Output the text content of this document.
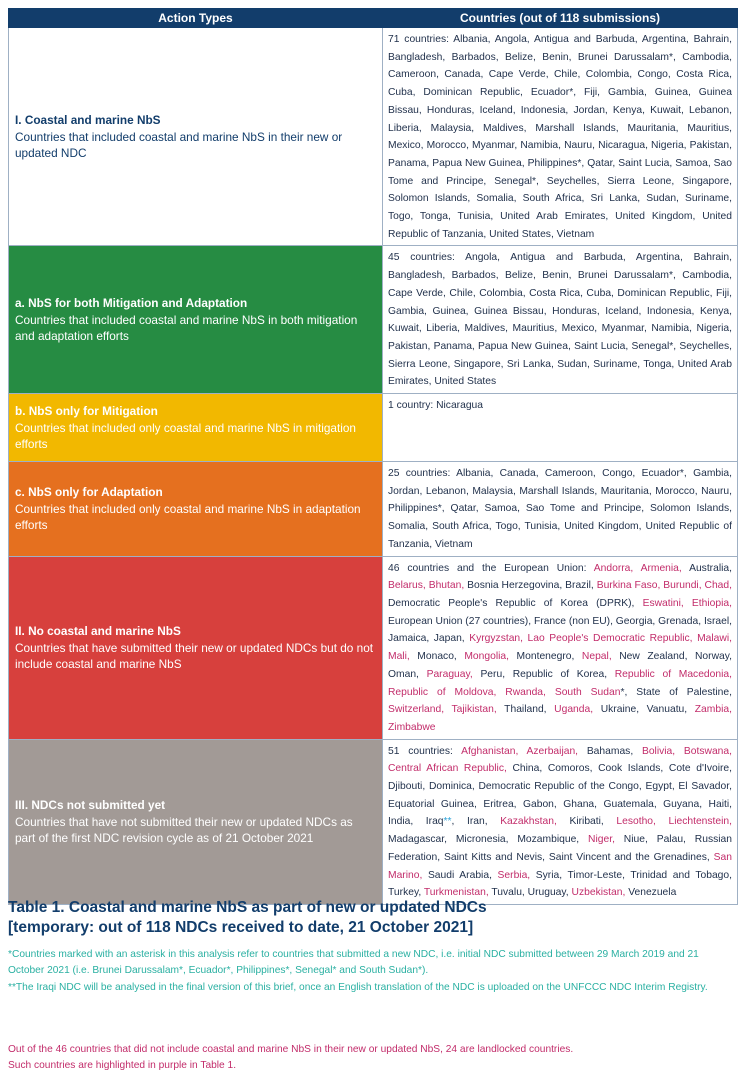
Action Types	Countries (out of 118 submissions)

I. Coastal and marine NbS
Countries that included coastal and marine NbS in their new or updated NDC	71 countries: Albania, Angola, Antigua and Barbuda, Argentina, Bahrain, Bangladesh, Barbados, Belize, Benin, Brunei Darussalam*, Cambodia, Cameroon, Canada, Cape Verde, Chile, Colombia, Congo, Costa Rica, Cuba, Dominican Republic, Ecuador*, Fiji, Gambia, Guinea, Guinea Bissau, Honduras, Iceland, Indonesia, Jordan, Kenya, Kuwait, Lebanon, Liberia, Malaysia, Maldives, Marshall Islands, Mauritania, Mauritius, Mexico, Morocco, Myanmar, Namibia, Nauru, Nicaragua, Nigeria, Pakistan, Panama, Papua New Guinea, Philippines*, Qatar, Saint Lucia, Samoa, Sao Tome and Principe, Senegal*, Seychelles, Sierra Leone, Singapore, Solomon Islands, Somalia, South Africa, Sri Lanka, Sudan, Suriname, Togo, Tonga, Tunisia, United Arab Emirates, United Kingdom, United Republic of Tanzania, United States, Vietnam

a. NbS for both Mitigation and Adaptation
Countries that included coastal and marine NbS in both mitigation and adaptation efforts	45 countries: Angola, Antigua and Barbuda, Argentina, Bahrain, Bangladesh, Barbados, Belize, Benin, Brunei Darussalam*, Cambodia, Cape Verde, Chile, Colombia, Costa Rica, Cuba, Dominican Republic, Fiji, Gambia, Guinea, Guinea Bissau, Honduras, Iceland, Indonesia, Kenya, Kuwait, Liberia, Maldives, Mauritius, Mexico, Myanmar, Namibia, Nigeria, Pakistan, Panama, Papua New Guinea, Saint Lucia, Senegal*, Seychelles, Sierra Leone, Singapore, Sri Lanka, Sudan, Suriname, Tonga, United Arab Emirates, United States

b. NbS only for Mitigation
Countries that included only coastal and marine NbS in mitigation efforts	1 country: Nicaragua

c. NbS only for Adaptation
Countries that included only coastal and marine NbS in adaptation efforts	25 countries: Albania, Canada, Cameroon, Congo, Ecuador*, Gambia, Jordan, Lebanon, Malaysia, Marshall Islands, Mauritania, Morocco, Nauru, Philippines*, Qatar, Samoa, Sao Tome and Principe, Solomon Islands, Somalia, South Africa, Togo, Tunisia, United Kingdom, United Republic of Tanzania, Vietnam

II. No coastal and marine NbS
Countries that have submitted their new or updated NDCs but do not include coastal and marine NbS	46 countries and the European Union: Andorra, Armenia, Australia, Belarus, Bhutan, Bosnia Herzegovina, Brazil, Burkina Faso, Burundi, Chad, Democratic People's Republic of Korea (DPRK), Eswatini, Ethiopia, European Union (27 countries), France (non EU), Georgia, Grenada, Israel, Jamaica, Japan, Kyrgyzstan, Lao People's Democratic Republic, Malawi, Mali, Monaco, Mongolia, Montenegro, Nepal, New Zealand, Norway, Oman, Paraguay, Peru, Republic of Korea, Republic of Macedonia, Republic of Moldova, Rwanda, South Sudan*, State of Palestine, Switzerland, Tajikistan, Thailand, Uganda, Ukraine, Vanuatu, Zambia, Zimbabwe

III. NDCs not submitted yet
Countries that have not submitted their new or updated NDCs as part of the first NDC revision cycle as of 21 October 2021	51 countries: Afghanistan, Azerbaijan, Bahamas, Bolivia, Botswana, Central African Republic, China, Comoros, Cook Islands, Cote d'Ivoire, Djibouti, Dominica, Democratic Republic of the Congo, Egypt, El Savador, Equatorial Guinea, Eritrea, Gabon, Ghana, Guatemala, Guyana, Haiti, India, Iraq**, Iran, Kazakhstan, Kiribati, Lesotho, Liechtenstein, Madagascar, Micronesia, Mozambique, Niger, Niue, Palau, Russian Federation, Saint Kitts and Nevis, Saint Vincent and the Grenadines, San Marino, Saudi Arabia, Serbia, Syria, Timor-Leste, Trinidad and Tobago, Turkey, Turkmenistan, Tuvalu, Uruguay, Uzbekistan, Venezuela
Table 1. Coastal and marine NbS as part of new or updated NDCs
[temporary: out of 118 NDCs received to date, 21 October 2021]
*Countries marked with an asterisk in this analysis refer to countries that submitted a new NDC, i.e. initial NDC submitted between 29 March 2019 and 21 October 2021 (i.e. Brunei Darussalam*, Ecuador*, Philippines*, Senegal* and South Sudan*).
**The Iraqi NDC will be analysed in the final version of this brief, once an English translation of the NDC is uploaded on the UNFCCC NDC Interim Registry.
Out of the 46 countries that did not include coastal and marine NbS in their new or updated NbS, 24 are landlocked countries.
Such countries are highlighted in purple in Table 1.
